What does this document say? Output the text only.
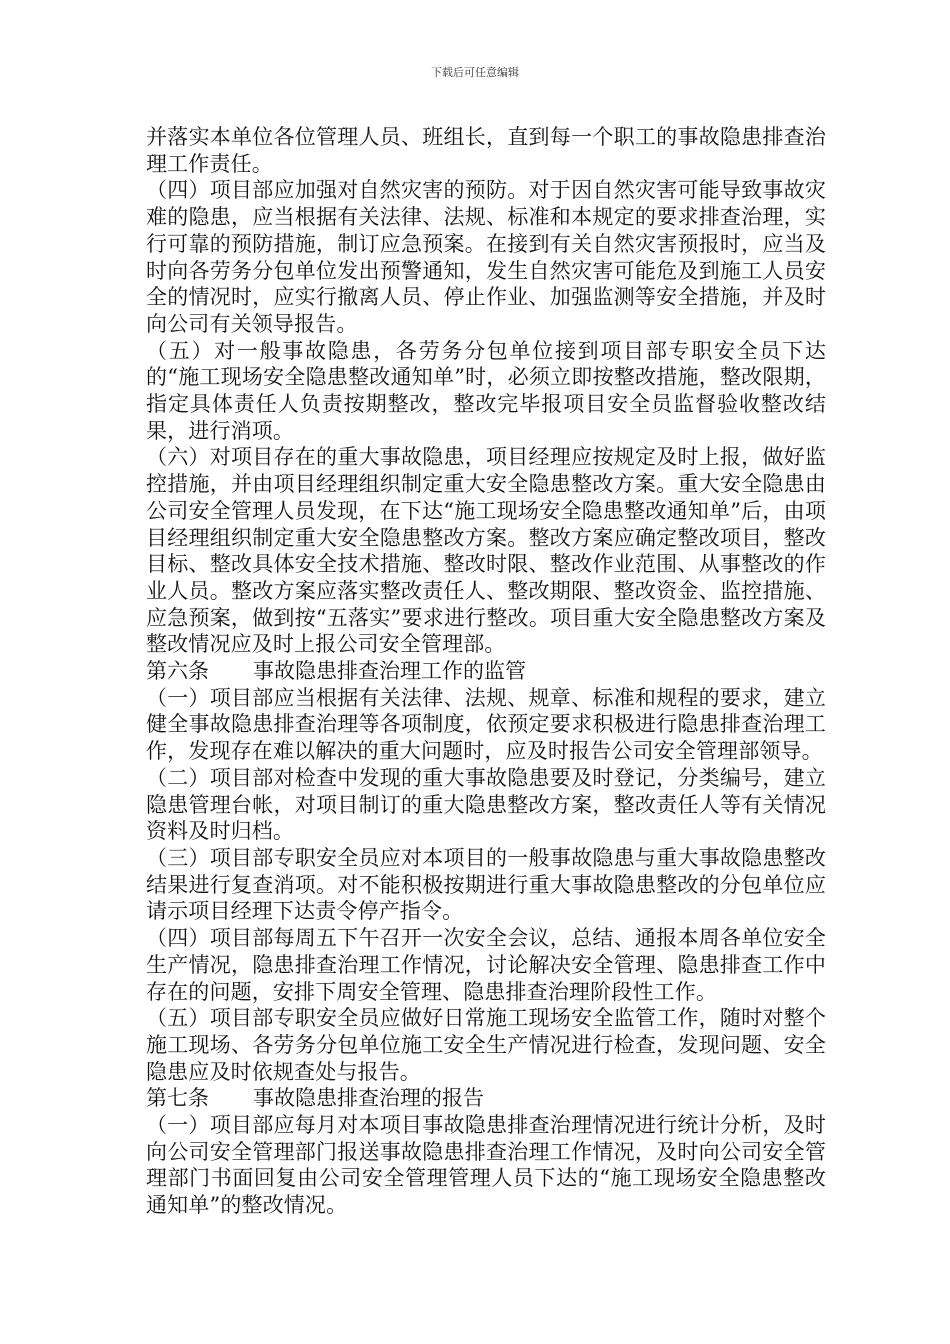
下载后可任意编辑

并落实本单位各位管理人员、班组长，直到每一个职工的事故隐患排查治理工作责任。

（四）项目部应加强对自然灾害的预防。对于因自然灾害可能导致事故灾难的隐患，应当根据有关法律、法规、标准和本规定的要求排查治理，实行可靠的预防措施，制订应急预案。在接到有关自然灾害预报时，应当及时向各劳务分包单位发出预警通知，发生自然灾害可能危及到施工人员安全的情况时，应实行撤离人员、停止作业、加强监测等安全措施，并及时向公司有关领导报告。

（五）对一般事故隐患，各劳务分包单位接到项目部专职安全员下达的“施工现场安全隐患整改通知单”时，必须立即按整改措施，整改限期，指定具体责任人负责按期整改，整改完毕报项目安全员监督验收整改结果，进行消项。

（六）对项目存在的重大事故隐患，项目经理应按规定及时上报，做好监控措施，并由项目经理组织制定重大安全隐患整改方案。重大安全隐患由公司安全管理人员发现，在下达“施工现场安全隐患整改通知单”后，由项目经理组织制定重大安全隐患整改方案。整改方案应确定整改项目，整改目标、整改具体安全技术措施、整改时限、整改作业范围、从事整改的作业人员。整改方案应落实整改责任人、整改期限、整改资金、监控措施、应急预案，做到按“五落实”要求进行整改。项目重大安全隐患整改方案及整改情况应及时上报公司安全管理部。

第六条 事故隐患排查治理工作的监管

（一）项目部应当根据有关法律、法规、规章、标准和规程的要求，建立健全事故隐患排查治理等各项制度，依预定要求积极进行隐患排查治理工作，发现存在难以解决的重大问题时，应及时报告公司安全管理部领导。

（二）项目部对检查中发现的重大事故隐患要及时登记，分类编号，建立隐患管理台帐，对项目制订的重大隐患整改方案，整改责任人等有关情况资料及时归档。

（三）项目部专职安全员应对本项目的一般事故隐患与重大事故隐患整改结果进行复查消项。对不能积极按期进行重大事故隐患整改的分包单位应请示项目经理下达责令停产指令。

（四）项目部每周五下午召开一次安全会议，总结、通报本周各单位安全生产情况，隐患排查治理工作情况，讨论解决安全管理、隐患排查工作中存在的问题，安排下周安全管理、隐患排查治理阶段性工作。

（五）项目部专职安全员应做好日常施工现场安全监管工作，随时对整个施工现场、各劳务分包单位施工安全生产情况进行检查，发现问题、安全隐患应及时依规查处与报告。

第七条 事故隐患排查治理的报告

（一）项目部应每月对本项目事故隐患排查治理情况进行统计分析，及时向公司安全管理部门报送事故隐患排查治理工作情况，及时向公司安全管理部门书面回复由公司安全管理管理人员下达的“施工现场安全隐患整改通知单”的整改情况。
